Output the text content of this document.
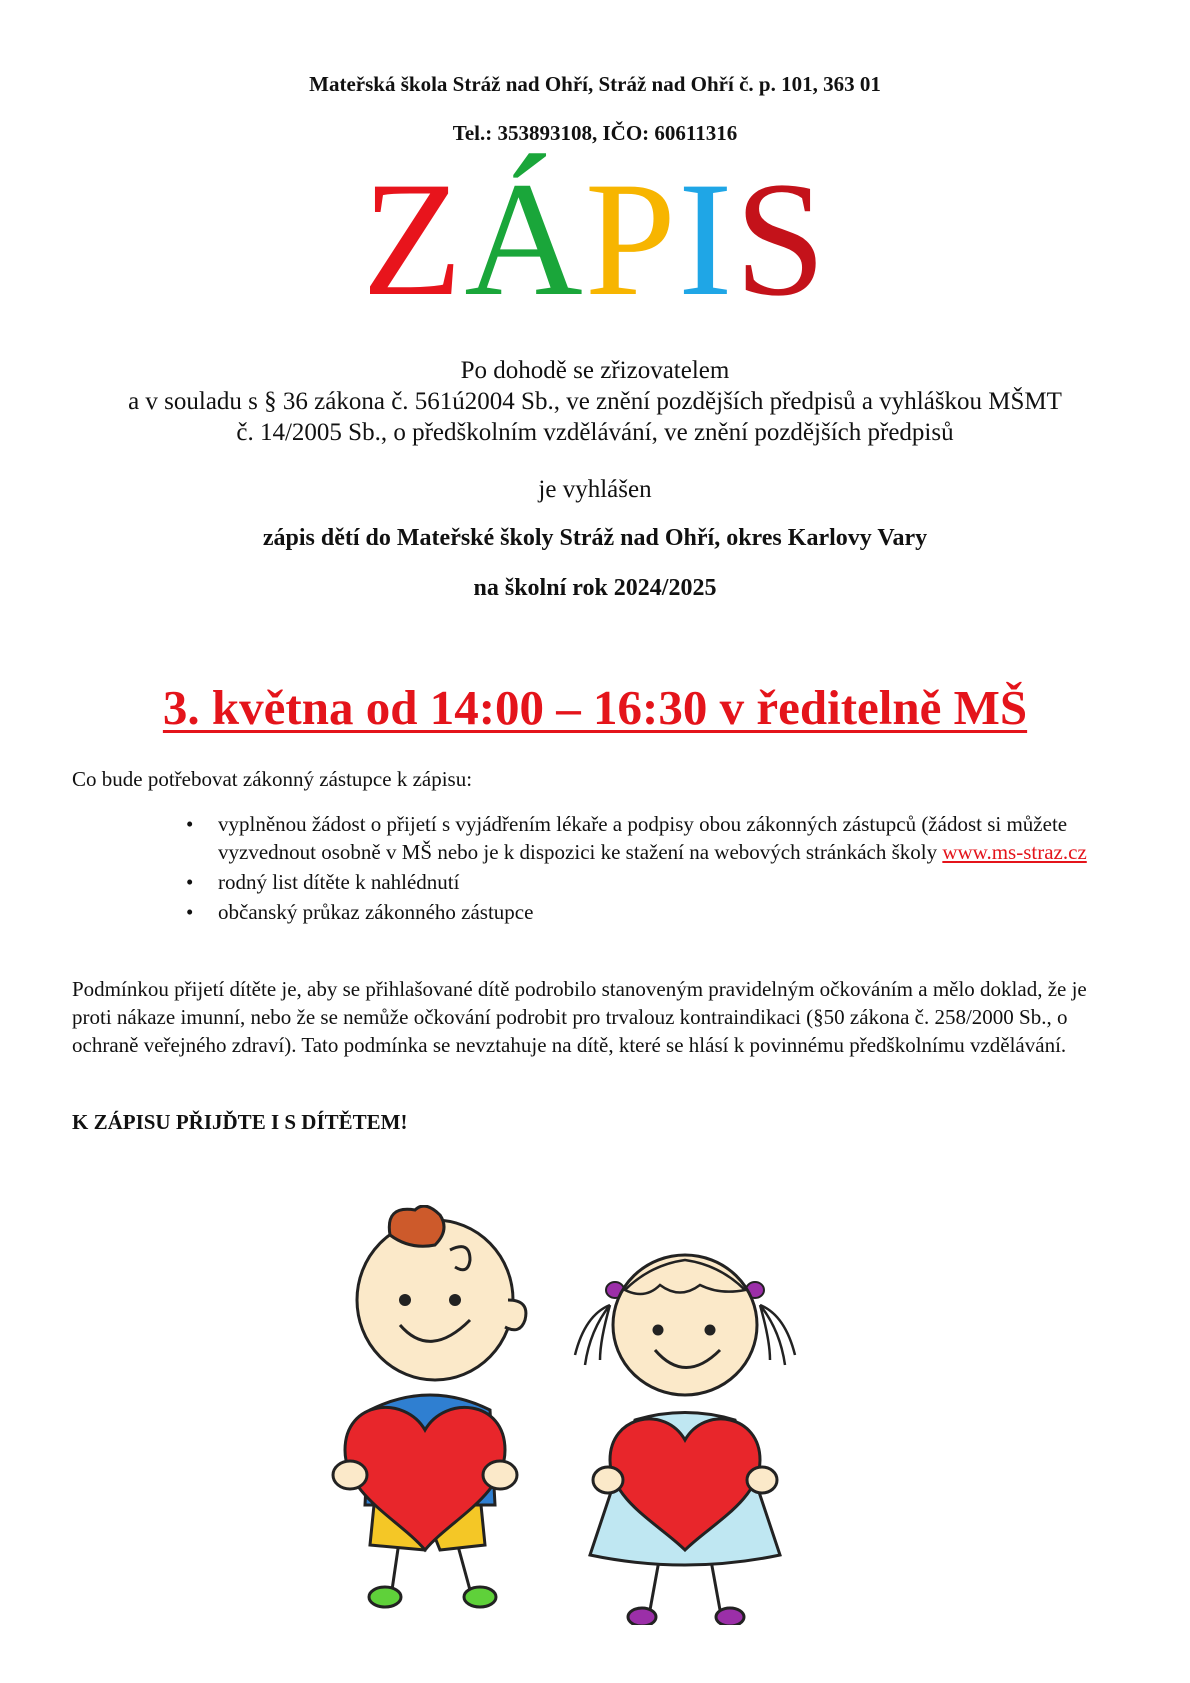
Mateřská škola Stráž nad Ohří, Stráž nad Ohří č. p. 101, 363 01
Tel.: 353893108, IČO: 60611316
ZÁPIS
Po dohodě se zřizovatelem
a v souladu s § 36 zákona č. 561ú2004 Sb., ve znění pozdějších předpisů a vyhláškou MŠMT
č. 14/2005 Sb., o předškolním vzdělávání, ve znění pozdějších předpisů
je vyhlášen
zápis dětí do Mateřské školy Stráž nad Ohří, okres Karlovy Vary
na školní rok 2024/2025
3. května od 14:00 – 16:30 v ředitelně MŠ
Co bude potřebovat zákonný zástupce k zápisu:
• vyplněnou žádost o přijetí s vyjádřením lékaře a podpisy obou zákonných zástupců (žádost si můžete vyzvednout osobně v MŠ nebo je k dispozici ke stažení na webových stránkách školy www.ms-straz.cz
• rodný list dítěte k nahlédnutí
• občanský průkaz zákonného zástupce
Podmínkou přijetí dítěte je, aby se přihlašované dítě podrobilo stanoveným pravidelným očkováním a mělo doklad, že je proti nákaze imunní, nebo že se nemůže očkování podrobit pro trvalouz kontraindikaci (§50 zákona č. 258/2000 Sb., o ochraně veřejného zdraví). Tato podmínka se nevztahuje na dítě, které se hlásí k povinnému předškolnímu vzdělávání.
K ZÁPISU PŘIJĎTE I S DÍTĚTEM!
